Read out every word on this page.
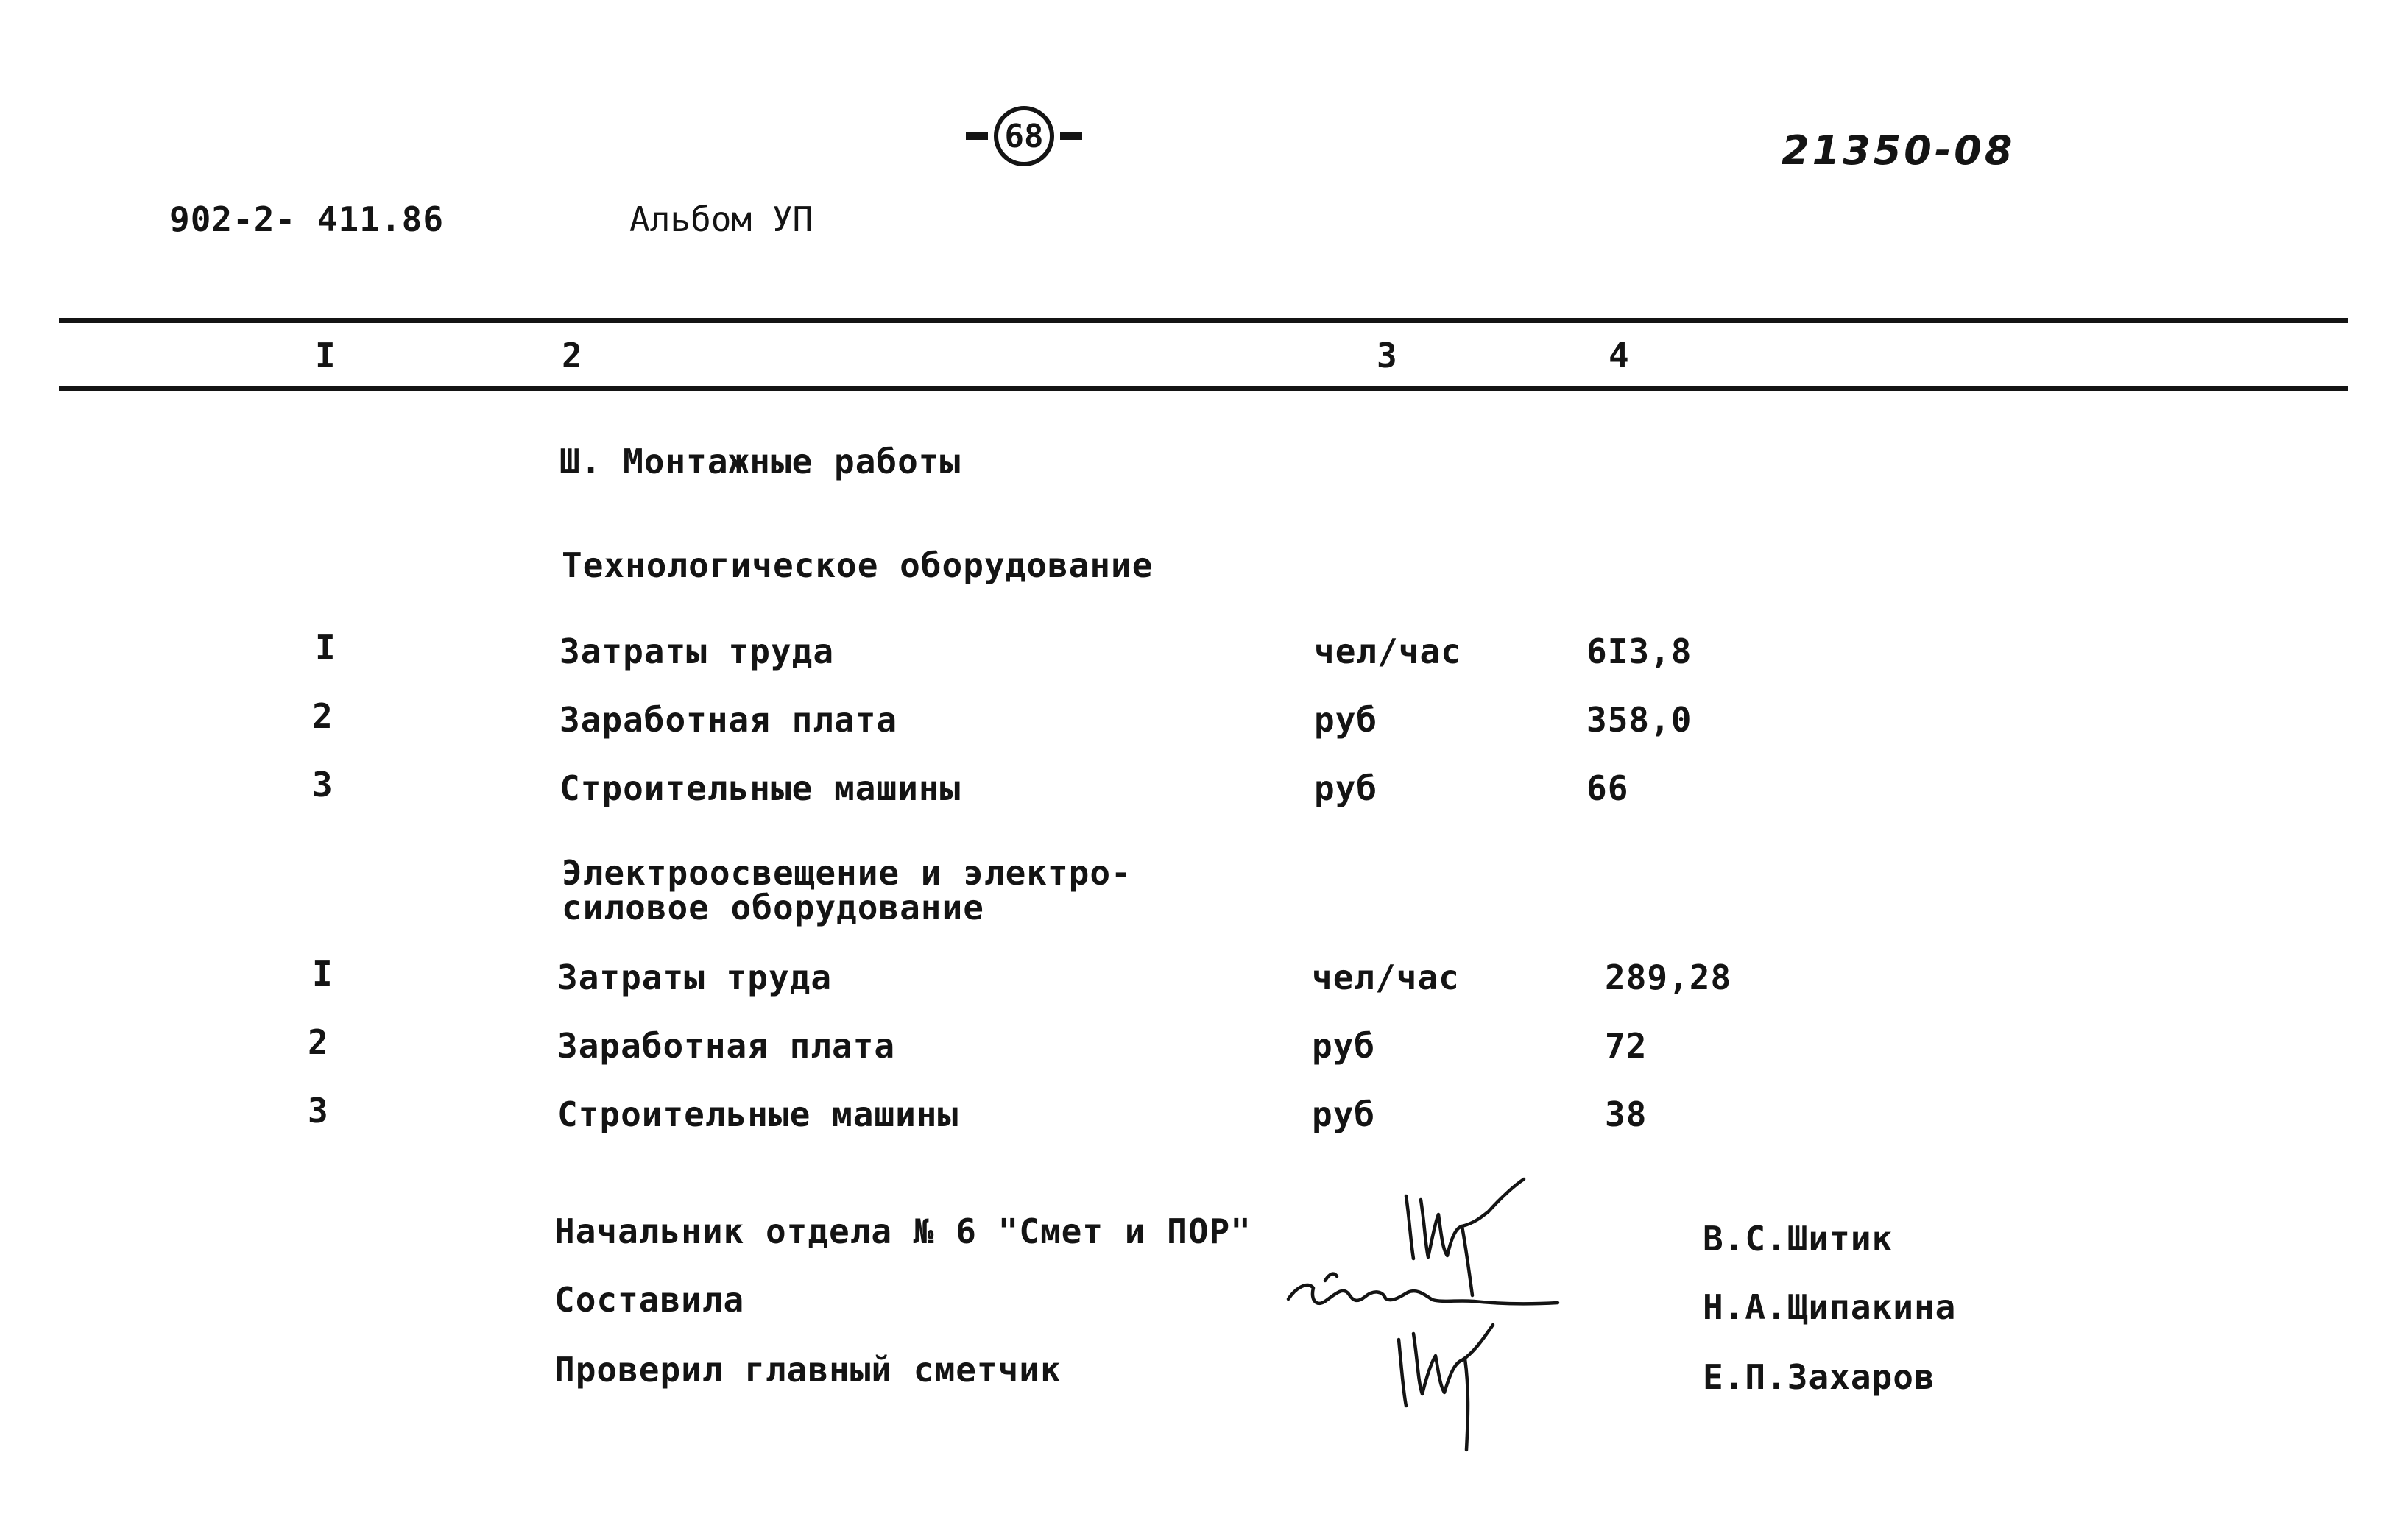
68	21350-08
902-2- 411.86	Альбом УП
I	2	3	4
Ш. Монтажные работы
Технологическое оборудование
I	Затраты труда	чел/час	6I3,8
2	Заработная плата	руб	358,0
3	Строительные машины	руб	66
Электроосвещение и электро-
силовое оборудование
I	Затраты труда	чел/час	289,28
2	Заработная плата	руб	72
3	Строительные машины	руб	38
Начальник отдела № 6 "Смет и ПОР"	В.С.Шитик
Составила	Н.А.Щипакина
Проверил главный сметчик	Е.П.Захаров
